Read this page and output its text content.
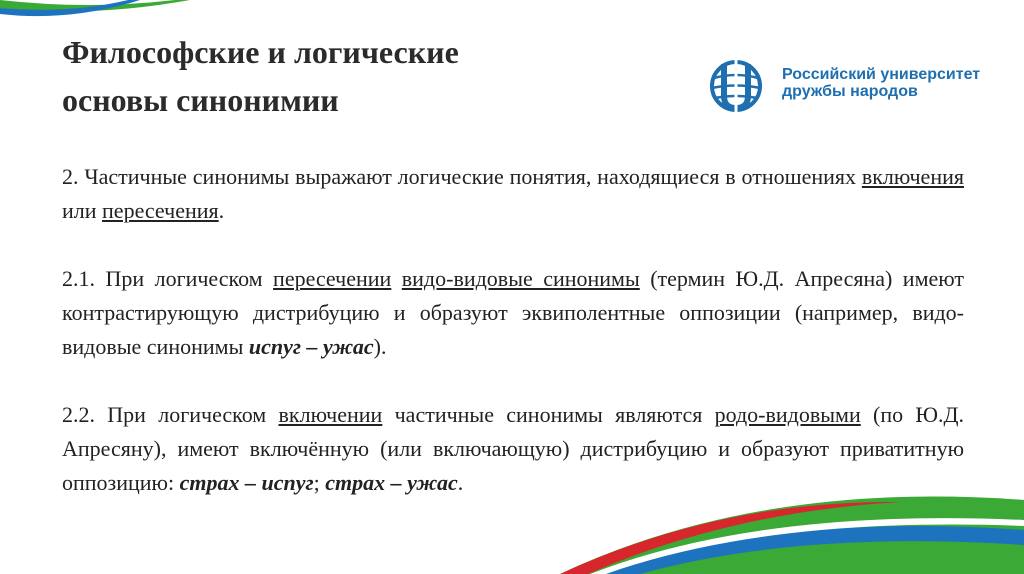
Философские и логические
основы синонимии
Российский университет
дружбы народов
2. Частичные синонимы выражают логические понятия, находящиеся в отношениях включения или пересечения.
2.1. При логическом пересечении видо-видовые синонимы (термин Ю.Д. Апресяна) имеют контрастирующую дистрибуцию и образуют эквиполентные оппозиции (например, видо-видовые синонимы испуг – ужас).
2.2. При логическом включении частичные синонимы являются родо-видовыми (по Ю.Д. Апресяну), имеют включённую (или включающую) дистрибуцию и образуют приватитную оппозицию: страх – испуг; страх – ужас.
